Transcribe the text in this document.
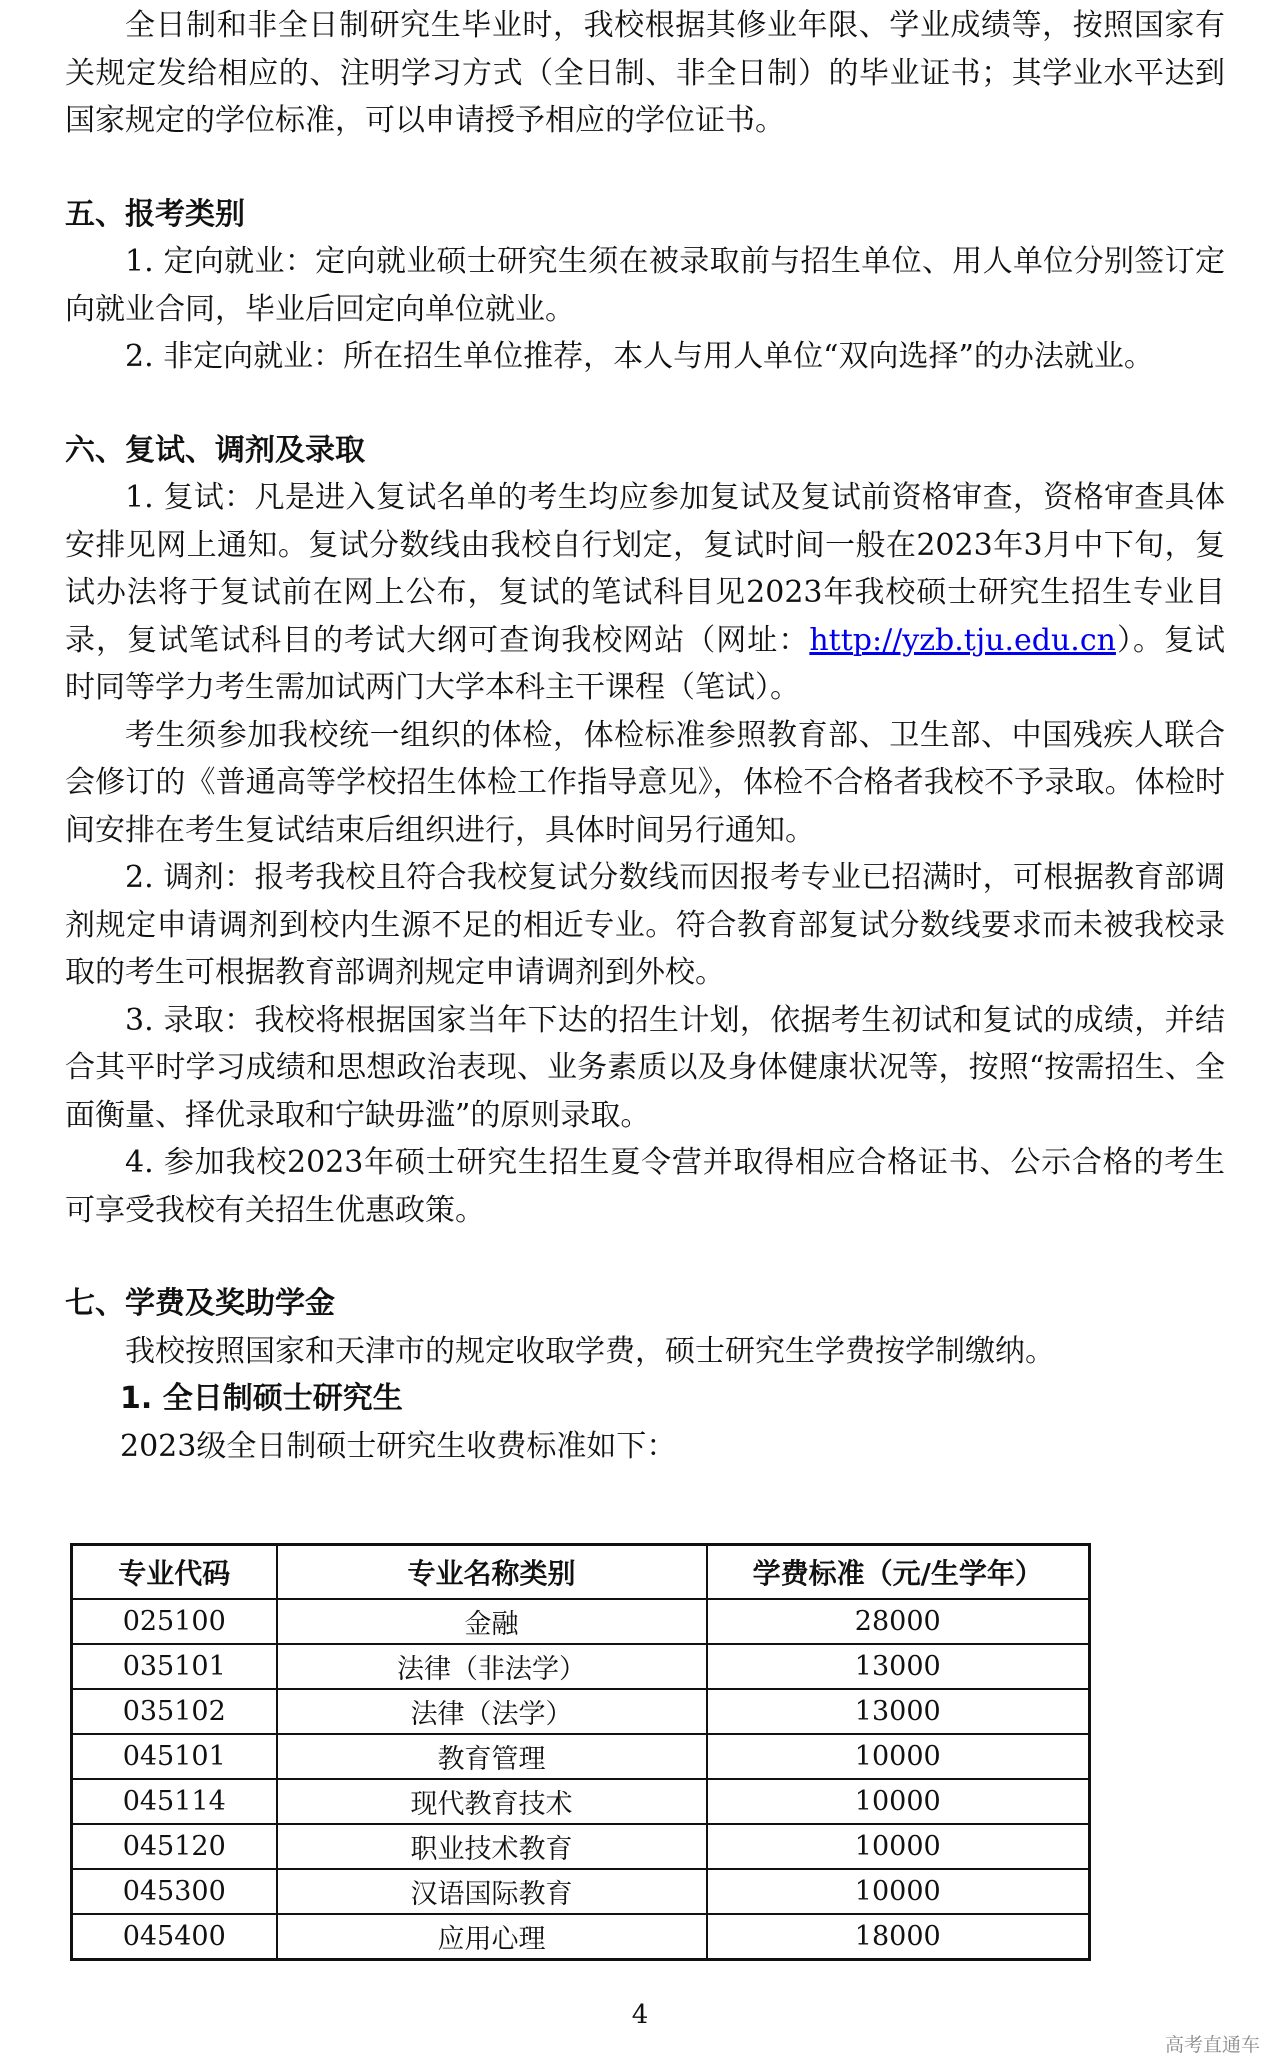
全日制和非全日制研究生毕业时，我校根据其修业年限、学业成绩等，按照国家有关规定发给相应的、注明学习方式（全日制、非全日制）的毕业证书；其学业水平达到国家规定的学位标准，可以申请授予相应的学位证书。

五、报考类别

1. 定向就业：定向就业硕士研究生须在被录取前与招生单位、用人单位分别签订定向就业合同，毕业后回定向单位就业。

2. 非定向就业：所在招生单位推荐，本人与用人单位“双向选择”的办法就业。

六、复试、调剂及录取

1. 复试：凡是进入复试名单的考生均应参加复试及复试前资格审查，资格审查具体安排见网上通知。复试分数线由我校自行划定，复试时间一般在2023年3月中下旬，复试办法将于复试前在网上公布，复试的笔试科目见2023年我校硕士研究生招生专业目录，复试笔试科目的考试大纲可查询我校网站（网址：http://yzb.tju.edu.cn）。复试时同等学力考生需加试两门大学本科主干课程（笔试）。

考生须参加我校统一组织的体检，体检标准参照教育部、卫生部、中国残疾人联合会修订的《普通高等学校招生体检工作指导意见》，体检不合格者我校不予录取。体检时间安排在考生复试结束后组织进行，具体时间另行通知。

2. 调剂：报考我校且符合我校复试分数线而因报考专业已招满时，可根据教育部调剂规定申请调剂到校内生源不足的相近专业。符合教育部复试分数线要求而未被我校录取的考生可根据教育部调剂规定申请调剂到外校。

3. 录取：我校将根据国家当年下达的招生计划，依据考生初试和复试的成绩，并结合其平时学习成绩和思想政治表现、业务素质以及身体健康状况等，按照“按需招生、全面衡量、择优录取和宁缺毋滥”的原则录取。

4. 参加我校2023年硕士研究生招生夏令营并取得相应合格证书、公示合格的考生可享受我校有关招生优惠政策。

七、学费及奖助学金

我校按照国家和天津市的规定收取学费，硕士研究生学费按学制缴纳。

1. 全日制硕士研究生

2023级全日制硕士研究生收费标准如下：

专业代码	专业名称类别	学费标准（元/生学年）
025100	金融	28000
035101	法律（非法学）	13000
035102	法律（法学）	13000
045101	教育管理	10000
045114	现代教育技术	10000
045120	职业技术教育	10000
045300	汉语国际教育	10000
045400	应用心理	18000
4
高考直通车
